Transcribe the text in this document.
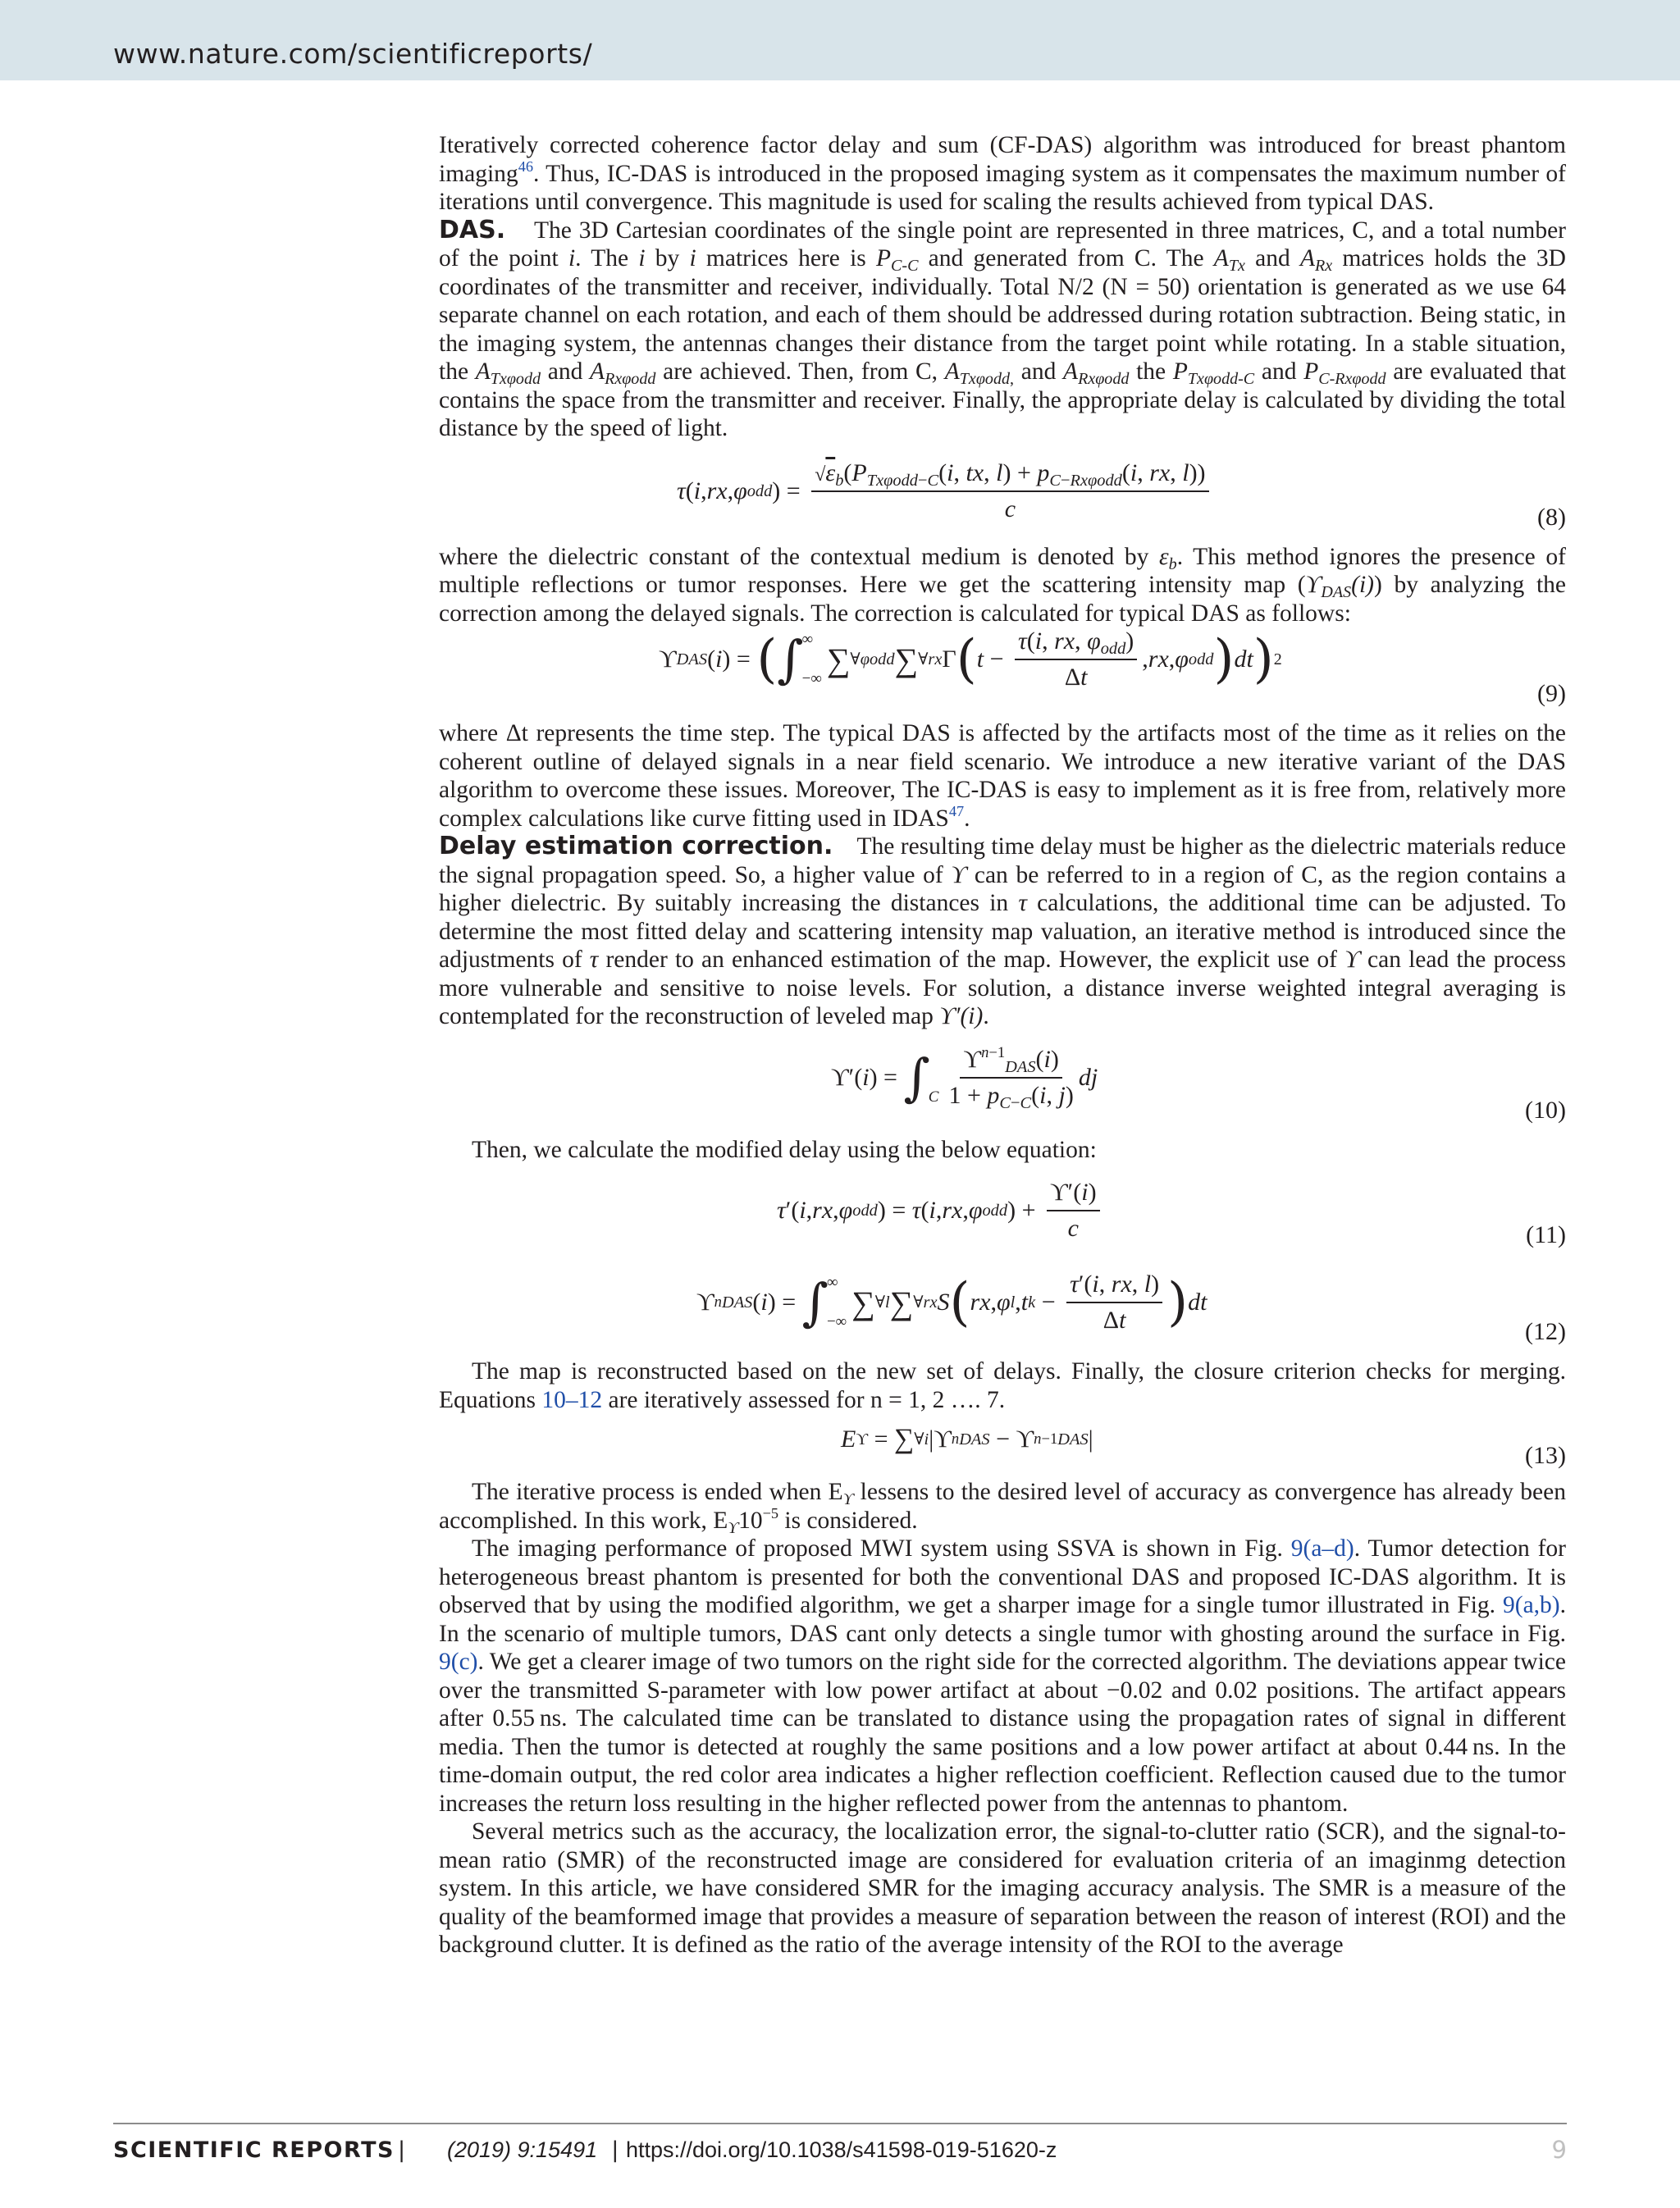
www.nature.com/scientificreports/

Iteratively corrected coherence factor delay and sum (CF-DAS) algorithm was introduced for breast phantom imaging$^{46}$. Thus, IC-DAS is introduced in the proposed imaging system as it compensates the maximum number of iterations until convergence. This magnitude is used for scaling the results achieved from typical DAS.

DAS.    The 3D Cartesian coordinates of the single point are represented in three matrices, C, and a total number of the point i. The i by i matrices here is $P_{C-C}$ and generated from C. The $A_{Tx}$ and $A_{Rx}$ matrices holds the 3D coordinates of the transmitter and receiver, individually. Total N/2 (N = 50) orientation is generated as we use 64 separate channel on each rotation, and each of them should be addressed during rotation subtraction. Being static, in the imaging system, the antennas changes their distance from the target point while rotating. In a stable situation, the $A_{Tx\varphi odd}$ and $A_{Rx\varphi odd}$ are achieved. Then, from C, $A_{Tx\varphi odd,}$ and $A_{Rx\varphi odd}$ the $P_{Tx\varphi odd-C}$ and $P_{C-Rx\varphi odd}$ are evaluated that contains the space from the transmitter and receiver. Finally, the appropriate delay is calculated by dividing the total distance by the speed of light.

τ ( i , rx , φ odd ) = $\frac{√\varepsilon_b(P_{Tx\varphi odd-C}(i, tx, l) + p_{C-Rx\varphi odd}(i, rx, l))}{c}$	(8)

where the dielectric constant of the contextual medium is denoted by $\varepsilon_b$. This method ignores the presence of multiple reflections or tumor responses. Here we get the scattering intensity map $(ϒ_{DAS}(i))$ by analyzing the correction among the delayed signals. The correction is calculated for typical DAS as follows:

ϒ DAS ( i ) = ( ∫
∞
−∞
∑ ∀φodd ∑ ∀rx Γ ( $t - \frac{\tau(i, rx, \varphi_{odd})}{\Delta t}$ , rx , φ odd ) dt ) 2
(9)

where Δt represents the time step. The typical DAS is affected by the artifacts most of the time as it relies on the coherent outline of delayed signals in a near field scenario. We introduce a new iterative variant of the DAS algorithm to overcome these issues. Moreover, The IC-DAS is easy to implement as it is free from, relatively more complex calculations like curve fitting used in IDAS$^{47}$.

Delay estimation correction.    The resulting time delay must be higher as the dielectric materials reduce the signal propagation speed. So, a higher value of ϒ can be referred to in a region of C, as the region contains a higher dielectric. By suitably increasing the distances in τ calculations, the additional time can be adjusted. To determine the most fitted delay and scattering intensity map valuation, an iterative method is introduced since the adjustments of τ render to an enhanced estimation of the map. However, the explicit use of ϒ can lead the process more vulnerable and sensitive to noise levels. For solution, a distance inverse weighted integral averaging is contemplated for the reconstruction of leveled map ϒ′(i).

ϒ′( i ) = ∫
C $\frac{ϒ^{n-1}_{DAS}(i)}{1 + p_{C-C}(i, j)}$ dj
(10)

Then, we calculate the modified delay using the below equation:

τ ′( i , rx , φ odd ) = τ ( i , rx , φ odd ) + $\frac{ϒ'(i)}{c}$	(11)
ϒ n DAS ( i ) = ∫
∞
−∞
∑ ∀l ∑ ∀rx S ( rx , φ l , t $k - \frac{\tau'(i, rx, l)}{\Delta t}$ ) dt
(12)

The map is reconstructed based on the new set of delays. Finally, the closure criterion checks for merging. Equations 10–12 are iteratively assessed for n = 1, 2 …. 7.

E ϒ = ∑ ∀i |ϒ n DAS − ϒ n−1 DAS |
(13)

The iterative process is ended when $E_ϒ$ lessens to the desired level of accuracy as convergence has already been accomplished. In this work, $E_ϒ10^{-5}$ is considered.

The imaging performance of proposed MWI system using SSVA is shown in Fig. 9(a–d). Tumor detection for heterogeneous breast phantom is presented for both the conventional DAS and proposed IC-DAS algorithm. It is observed that by using the modified algorithm, we get a sharper image for a single tumor illustrated in Fig. 9(a,b). In the scenario of multiple tumors, DAS cant only detects a single tumor with ghosting around the surface in Fig. 9(c). We get a clearer image of two tumors on the right side for the corrected algorithm. The deviations appear twice over the transmitted S-parameter with low power artifact at about −0.02 and 0.02 positions. The artifact appears after 0.55 ns. The calculated time can be translated to distance using the propagation rates of signal in different media. Then the tumor is detected at roughly the same positions and a low power artifact at about 0.44 ns. In the time-domain output, the red color area indicates a higher reflection coefficient. Reflection caused due to the tumor increases the return loss resulting in the higher reflected power from the antennas to phantom.

Several metrics such as the accuracy, the localization error, the signal-to-clutter ratio (SCR), and the signal-to-mean ratio (SMR) of the reconstructed image are considered for evaluation criteria of an imaginmg detection system. In this article, we have considered SMR for the imaging accuracy analysis. The SMR is a measure of the quality of the beamformed image that provides a measure of separation between the reason of interest (ROI) and the background clutter. It is defined as the ratio of the average intensity of the ROI to the average

SCIENTIFIC REPORTS | (2019) 9:15491  | https://doi.org/10.1038/s41598-019-51620-z	9
